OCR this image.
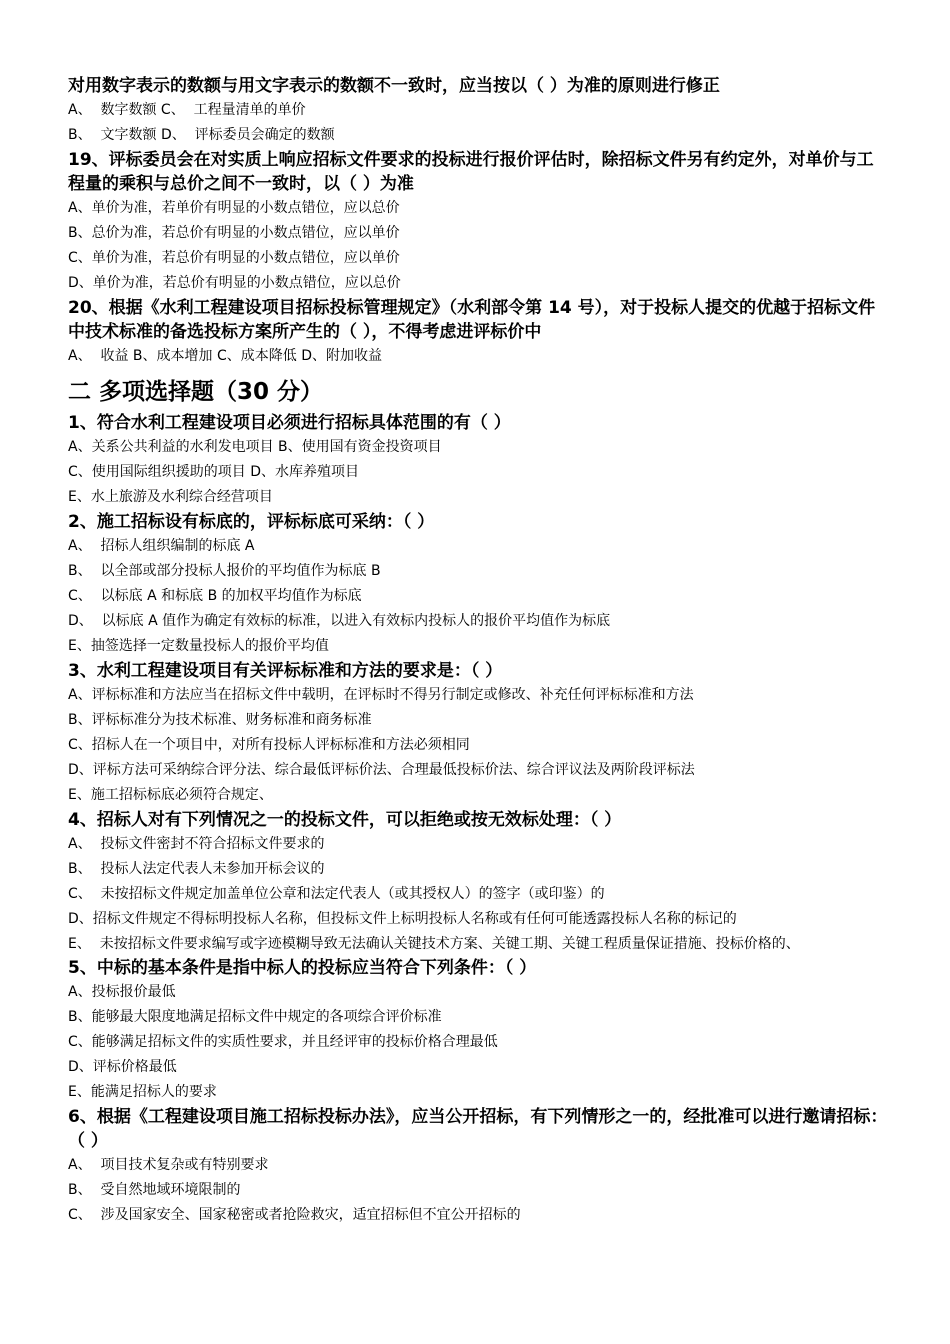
对用数字表示的数额与用文字表示的数额不一致时，应当按以（ ）为准的原则进行修正
A、  数字数额 C、  工程量清单的单价
B、  文字数额 D、  评标委员会确定的数额
19、评标委员会在对实质上响应招标文件要求的投标进行报价评估时，除招标文件另有约定外，对单价与工程量的乘积与总价之间不一致时，以（ ）为准
A、单价为准，若单价有明显的小数点错位，应以总价
B、总价为准，若总价有明显的小数点错位，应以单价
C、单价为准，若总价有明显的小数点错位，应以单价
D、单价为准，若总价有明显的小数点错位，应以总价
20、根据《水利工程建设项目招标投标管理规定》（水利部令第 14 号），对于投标人提交的优越于招标文件中技术标准的备选投标方案所产生的（ ），不得考虑进评标价中
A、  收益 B、成本增加 C、成本降低 D、附加收益
二 多项选择题（30 分）
1、符合水利工程建设项目必须进行招标具体范围的有（ ）
A、关系公共利益的水利发电项目 B、使用国有资金投资项目
C、使用国际组织援助的项目 D、水库养殖项目
E、水上旅游及水利综合经营项目
2、施工招标设有标底的，评标标底可采纳：（ ）
A、  招标人组织编制的标底 A
B、  以全部或部分投标人报价的平均值作为标底 B
C、  以标底 A 和标底 B 的加权平均值作为标底
D、  以标底 A 值作为确定有效标的标准，以进入有效标内投标人的报价平均值作为标底
E、抽签选择一定数量投标人的报价平均值
3、水利工程建设项目有关评标标准和方法的要求是：（ ）
A、评标标准和方法应当在招标文件中载明，在评标时不得另行制定或修改、补充任何评标标准和方法
B、评标标准分为技术标准、财务标准和商务标准
C、招标人在一个项目中，对所有投标人评标标准和方法必须相同
D、评标方法可采纳综合评分法、综合最低评标价法、合理最低投标价法、综合评议法及两阶段评标法
E、施工招标标底必须符合规定、
4、招标人对有下列情况之一的投标文件，可以拒绝或按无效标处理：（ ）
A、  投标文件密封不符合招标文件要求的
B、  投标人法定代表人未参加开标会议的
C、  未按招标文件规定加盖单位公章和法定代表人（或其授权人）的签字（或印鉴）的
D、招标文件规定不得标明投标人名称，但投标文件上标明投标人名称或有任何可能透露投标人名称的标记的
E、  未按招标文件要求编写或字迹模糊导致无法确认关键技术方案、关键工期、关键工程质量保证措施、投标价格的、
5、中标的基本条件是指中标人的投标应当符合下列条件：（ ）
A、投标报价最低
B、能够最大限度地满足招标文件中规定的各项综合评价标准
C、能够满足招标文件的实质性要求，并且经评审的投标价格合理最低
D、评标价格最低
E、能满足招标人的要求
6、根据《工程建设项目施工招标投标办法》，应当公开招标，有下列情形之一的，经批准可以进行邀请招标：（ ）
A、  项目技术复杂或有特别要求
B、  受自然地域环境限制的
C、  涉及国家安全、国家秘密或者抢险救灾，适宜招标但不宜公开招标的
